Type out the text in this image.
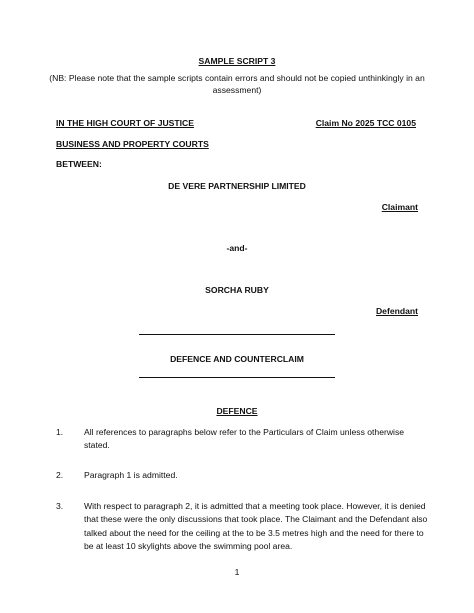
SAMPLE SCRIPT 3
(NB: Please note that the sample scripts contain errors and should not be copied unthinkingly in an assessment)
IN THE HIGH COURT OF JUSTICE	Claim No 2025 TCC 0105
BUSINESS AND PROPERTY COURTS
BETWEEN:
DE VERE PARTNERSHIP LIMITED
Claimant
-and-
SORCHA RUBY
Defendant
DEFENCE AND COUNTERCLAIM
DEFENCE
1. All references to paragraphs below refer to the Particulars of Claim unless otherwise stated.
2. Paragraph 1 is admitted.
3. With respect to paragraph 2, it is admitted that a meeting took place. However, it is denied that these were the only discussions that took place. The Claimant and the Defendant also talked about the need for the ceiling at the to be 3.5 metres high and the need for there to be at least 10 skylights above the swimming pool area.
1
